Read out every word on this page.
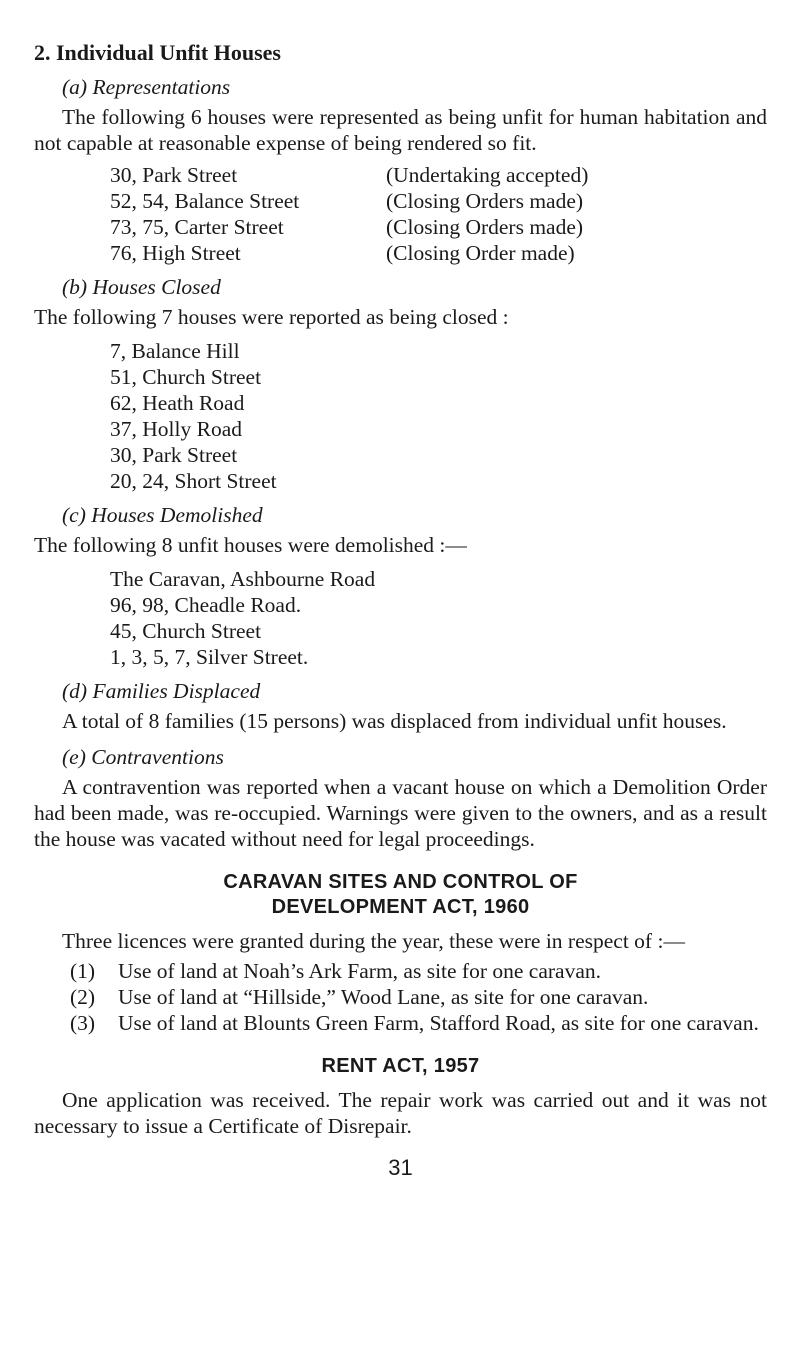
2. Individual Unfit Houses
(a) Representations

The following 6 houses were represented as being unfit for human habitation and not capable at reasonable expense of being rendered so fit.

30, Park Street	(Undertaking accepted)
52, 54, Balance Street	(Closing Orders made)
73, 75, Carter Street	(Closing Orders made)
76, High Street	(Closing Order made)
(b) Houses Closed

The following 7 houses were reported as being closed :

7, Balance Hill
51, Church Street
62, Heath Road
37, Holly Road
30, Park Street
20, 24, Short Street
(c) Houses Demolished

The following 8 unfit houses were demolished :—

The Caravan, Ashbourne Road
96, 98, Cheadle Road.
45, Church Street
1, 3, 5, 7, Silver Street.
(d) Families Displaced

A total of 8 families (15 persons) was displaced from individual unfit houses.

(e) Contraventions

A contravention was reported when a vacant house on which a Demolition Order had been made, was re-occupied. Warnings were given to the owners, and as a result the house was vacated without need for legal proceedings.

CARAVAN SITES AND CONTROL OF
DEVELOPMENT ACT, 1960

Three licences were granted during the year, these were in respect of :—

(1) Use of land at Noah’s Ark Farm, as site for one caravan.
(2) Use of land at “Hillside,” Wood Lane, as site for one caravan.
(3) Use of land at Blounts Green Farm, Stafford Road, as site for one caravan.
RENT ACT, 1957

One application was received. The repair work was carried out and it was not necessary to issue a Certificate of Disrepair.

31
